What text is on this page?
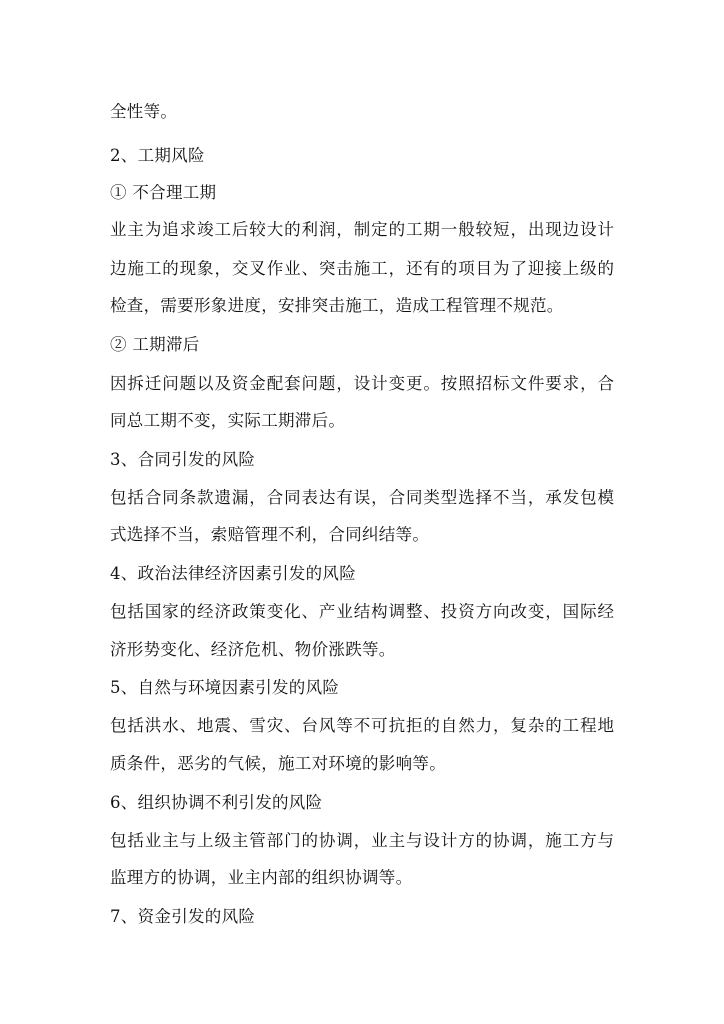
全性等。
2、工期风险
① 不合理工期
业主为追求竣工后较大的利润，制定的工期一般较短，出现边设计
边施工的现象，交叉作业、突击施工，还有的项目为了迎接上级的
检查，需要形象进度，安排突击施工，造成工程管理不规范。
② 工期滞后
因拆迁问题以及资金配套问题，设计变更。按照招标文件要求，合
同总工期不变，实际工期滞后。
3、合同引发的风险
包括合同条款遗漏，合同表达有误，合同类型选择不当，承发包模
式选择不当，索赔管理不利，合同纠结等。
4、政治法律经济因素引发的风险
包括国家的经济政策变化、产业结构调整、投资方向改变，国际经
济形势变化、经济危机、物价涨跌等。
5、自然与环境因素引发的风险
包括洪水、地震、雪灾、台风等不可抗拒的自然力，复杂的工程地
质条件，恶劣的气候，施工对环境的影响等。
6、组织协调不利引发的风险
包括业主与上级主管部门的协调，业主与设计方的协调，施工方与
监理方的协调，业主内部的组织协调等。
7、资金引发的风险
